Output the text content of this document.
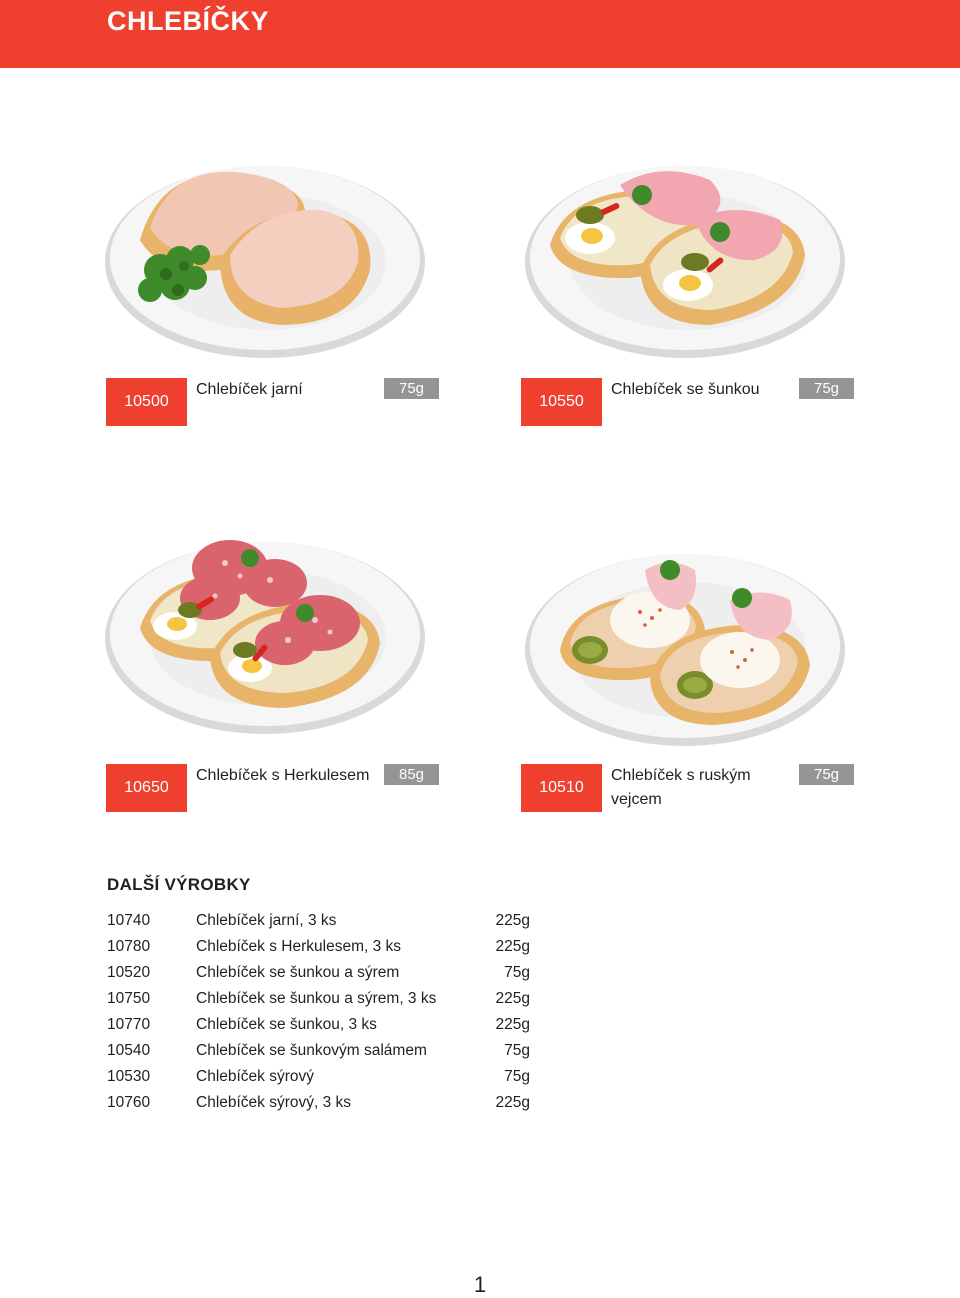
CHLEBÍČKY
10500
Chlebíček jarní	75g
10550
Chlebíček se šunkou	75g
10650
Chlebíček s Herkulesem	85g
10510
Chlebíček s ruským vejcem
75g
DALŠÍ VÝROBKY
10740	Chlebíček jarní, 3 ks	225g
10780	Chlebíček s Herkulesem, 3 ks	225g
10520	Chlebíček se šunkou a sýrem	75g
10750	Chlebíček se šunkou a sýrem, 3 ks	225g
10770	Chlebíček se šunkou, 3 ks	225g
10540	Chlebíček se šunkovým salámem	75g
10530	Chlebíček sýrový	75g
10760	Chlebíček sýrový, 3 ks	225g
1
